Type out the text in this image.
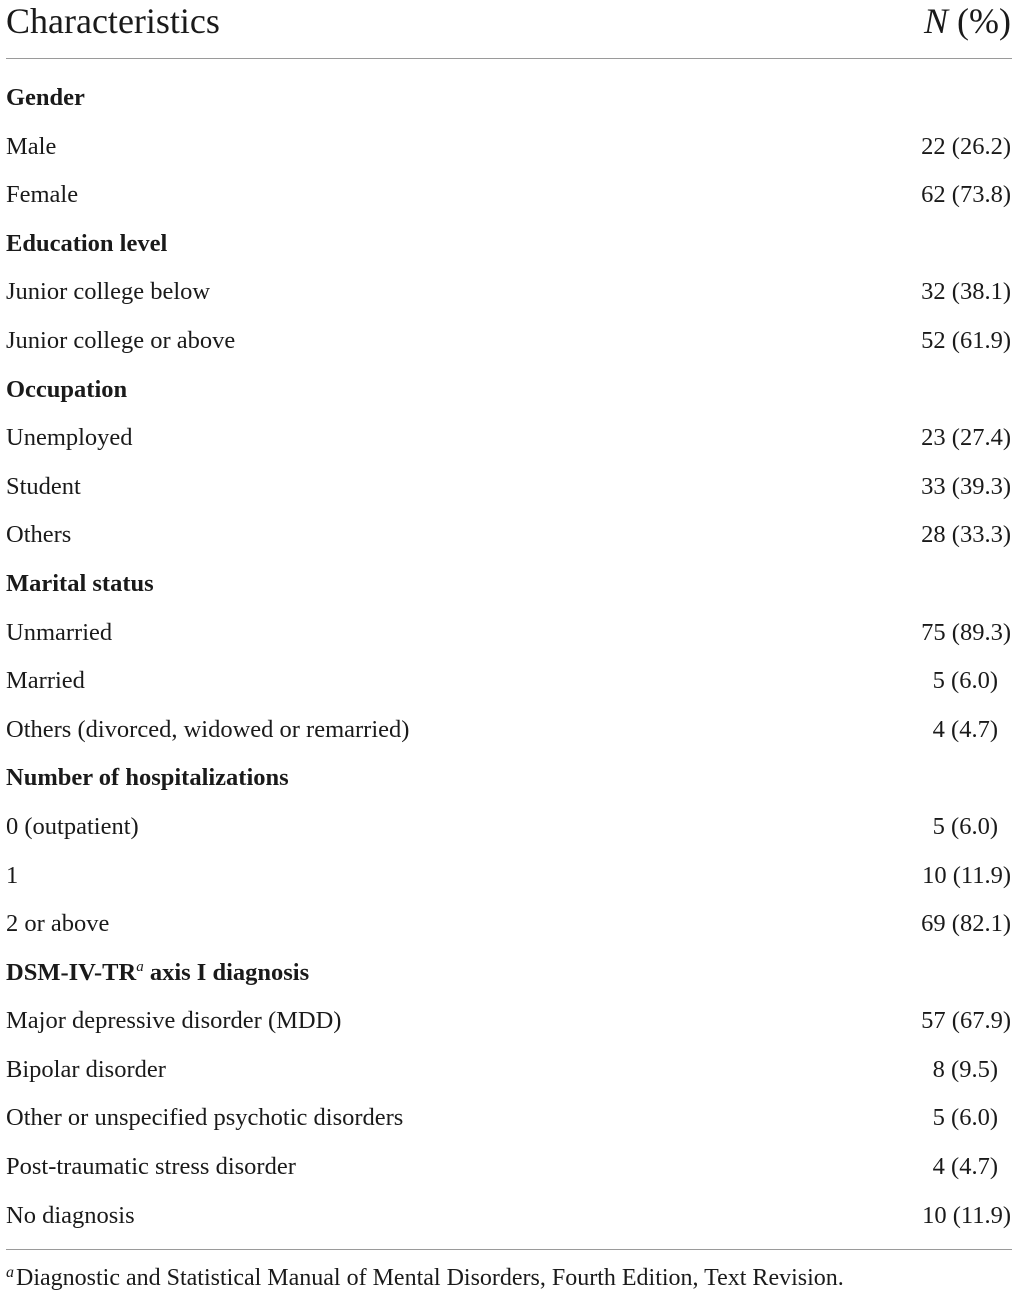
Characteristics	N (%)
Gender
Male	22 (26.2)
Female	62 (73.8)
Education level
Junior college below	32 (38.1)
Junior college or above	52 (61.9)
Occupation
Unemployed	23 (27.4)
Student	33 (39.3)
Others	28 (33.3)
Marital status
Unmarried	75 (89.3)
Married	5 (6.0)
Others (divorced, widowed or remarried)	4 (4.7)
Number of hospitalizations
0 (outpatient)	5 (6.0)
1	10 (11.9)
2 or above	69 (82.1)
DSM-$IV-TR^a$ axis I diagnosis
Major depressive disorder (MDD)	57 (67.9)
Bipolar disorder	8 (9.5)
Other or unspecified psychotic disorders	5 (6.0)
Post-traumatic stress disorder	4 (4.7)
No diagnosis	10 (11.9)
$^a$Diagnostic and Statistical Manual of Mental Disorders, Fourth Edition, Text Revision.
